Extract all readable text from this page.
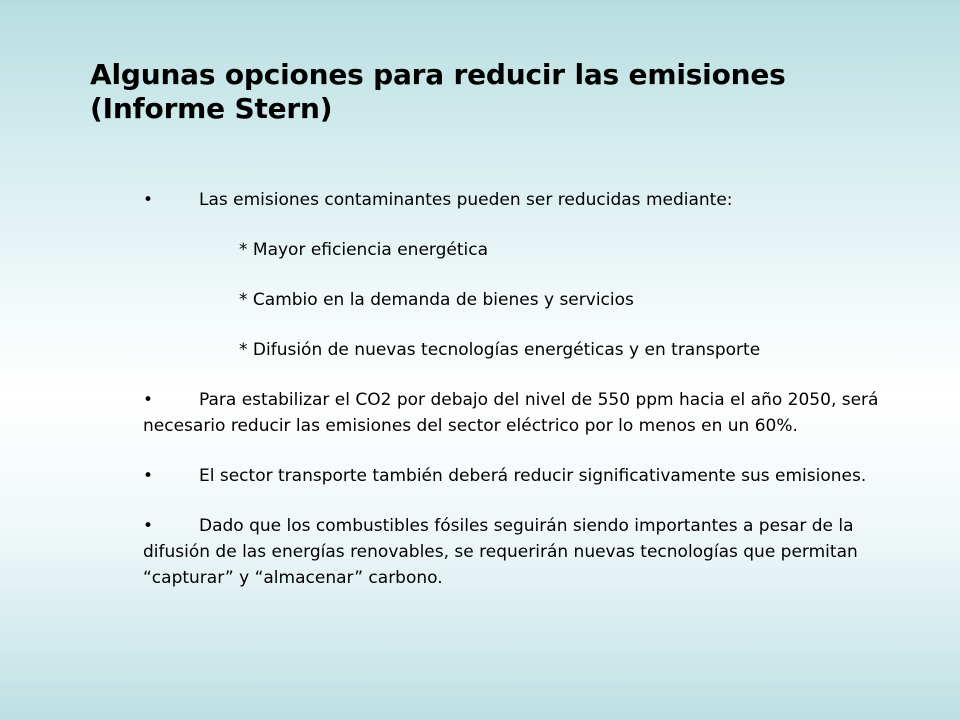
Algunas opciones para reducir las emisiones
(Informe Stern)

•	Las emisiones contaminantes pueden ser reducidas mediante:

* Mayor eficiencia energética

* Cambio en la demanda de bienes y servicios

* Difusión de nuevas tecnologías energéticas y en transporte

•	Para estabilizar el CO2 por debajo del nivel de 550 ppm hacia el año 2050, será necesario reducir las emisiones del sector eléctrico por lo menos en un 60%.

•	El sector transporte también deberá reducir significativamente sus emisiones.

•	Dado que los combustibles fósiles seguirán siendo importantes a pesar de la difusión de las energías renovables, se requerirán nuevas tecnologías que permitan “capturar” y “almacenar” carbono.
